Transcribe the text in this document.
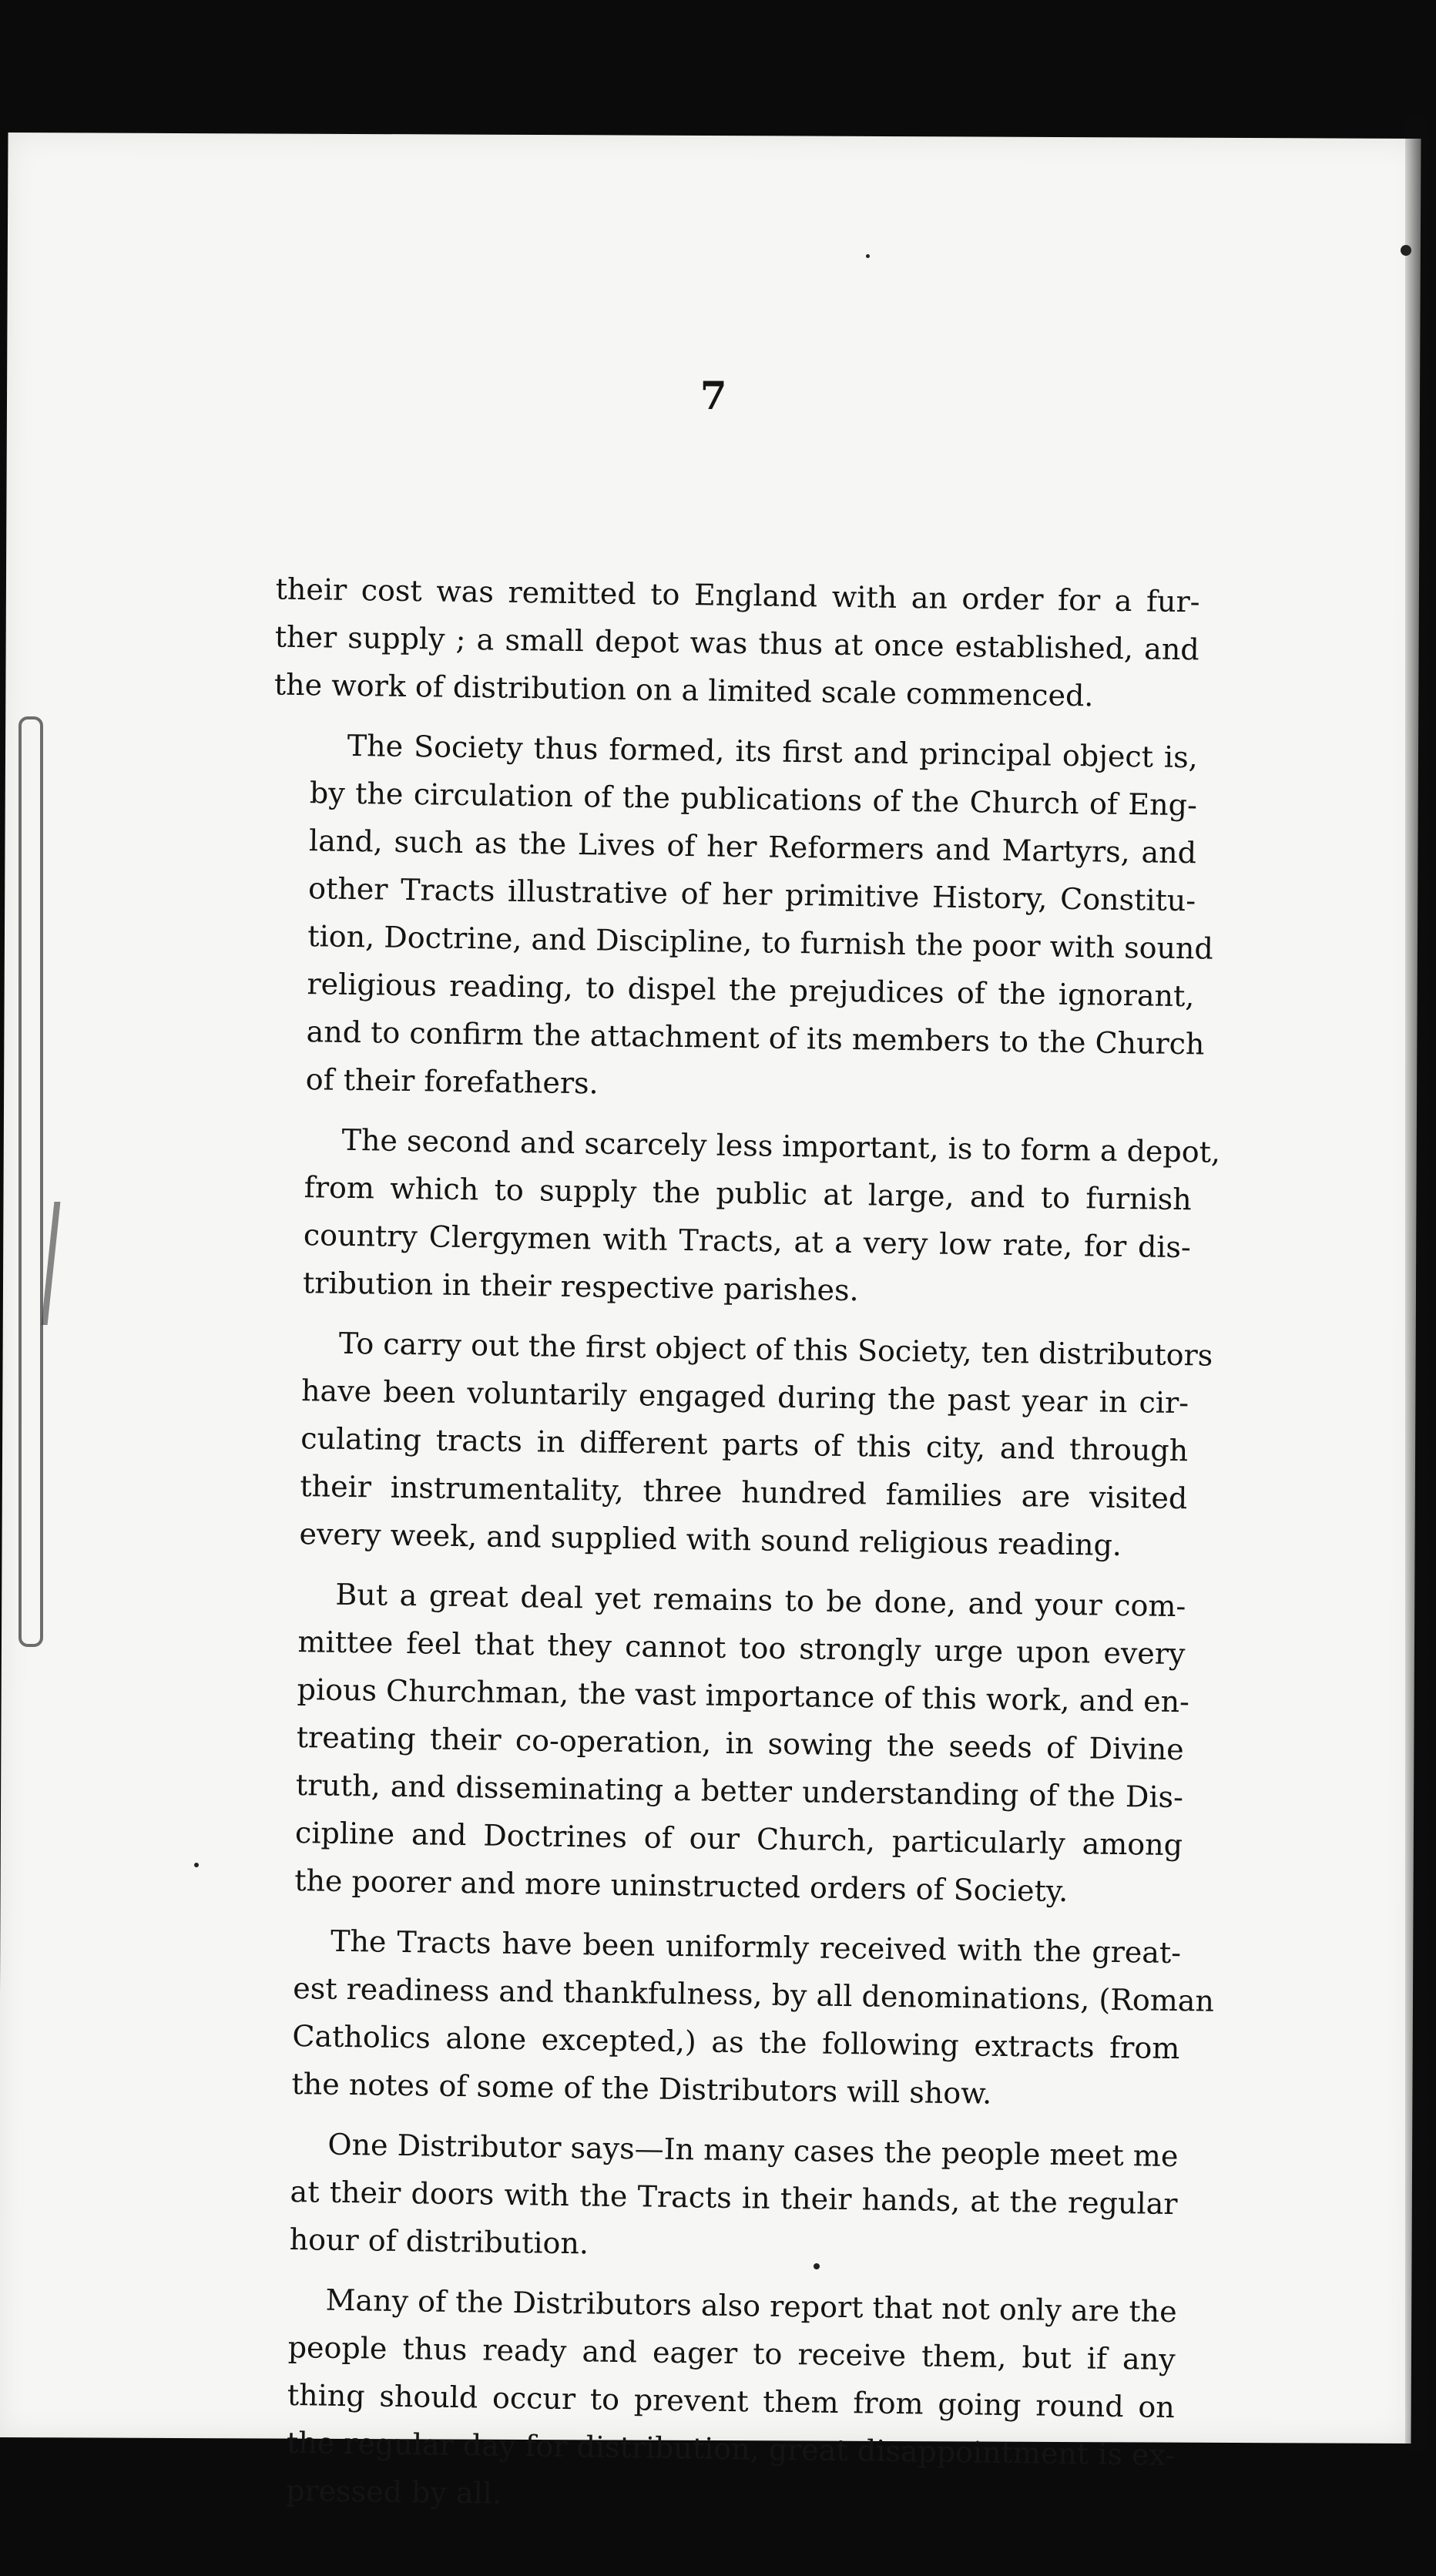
7

their cost was remitted to England with an order for a fur-
ther supply ; a small depot was thus at once established, and
the work of distribution on a limited scale commenced.

The Society thus formed, its first and principal object is,
by the circulation of the publications of the Church of Eng-
land, such as the Lives of her Reformers and Martyrs, and
other Tracts illustrative of her primitive History, Constitu-
tion, Doctrine, and Discipline, to furnish the poor with sound
religious reading, to dispel the prejudices of the ignorant,
and to confirm the attachment of its members to the Church
of their forefathers.

The second and scarcely less important, is to form a depot,
from which to supply the public at large, and to furnish
country Clergymen with Tracts, at a very low rate, for dis-
tribution in their respective parishes.

To carry out the first object of this Society, ten distributors
have been voluntarily engaged during the past year in cir-
culating tracts in different parts of this city, and through
their instrumentality, three hundred families are visited
every week, and supplied with sound religious reading.

But a great deal yet remains to be done, and your com-
mittee feel that they cannot too strongly urge upon every
pious Churchman, the vast importance of this work, and en-
treating their co-operation, in sowing the seeds of Divine
truth, and disseminating a better understanding of the Dis-
cipline and Doctrines of our Church, particularly among
the poorer and more uninstructed orders of Society.

The Tracts have been uniformly received with the great-
est readiness and thankfulness, by all denominations, (Roman
Catholics alone excepted,) as the following extracts from
the notes of some of the Distributors will show.

One Distributor says—In many cases the people meet me
at their doors with the Tracts in their hands, at the regular
hour of distribution.

Many of the Distributors also report that not only are the
people thus ready and eager to receive them, but if any
thing should occur to prevent them from going round on
the regular day for distribution, great disappointment is ex-
pressed by all.
